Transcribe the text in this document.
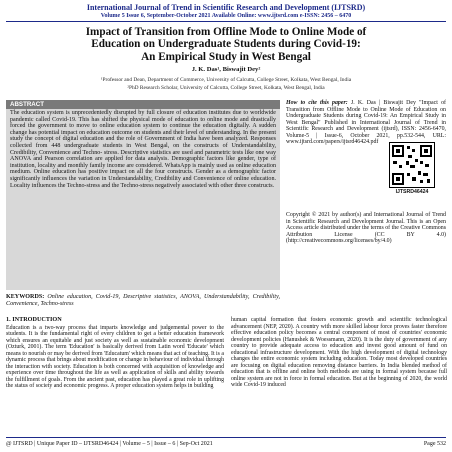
International Journal of Trend in Scientific Research and Development (IJTSRD)
Volume 5 Issue 6, September-October 2021 Available Online: www.ijtsrd.com e-ISSN: 2456 – 6470
Impact of Transition from Offline Mode to Online Mode of
Education on Undergraduate Students during Covid-19:
An Empirical Study in West Bengal
J. K. Das¹, Biswajit Dey²
¹Professor and Dean, Department of Commerce, University of Calcutta, College Street, Kolkata, West Bengal, India
²PhD Research Scholar, University of Calcutta, College Street, Kolkata, West Bengal, India
ABSTRACT
The education system is unprecedentedly disrupted by full closure of education institutes due to worldwide pandemic called Covid-19. This has shifted the physical mode of education to online mode and drastically forced the government to move to online education system to continue the education digitally. A sudden change has potential impact on education outcome on students and their level of understanding. In the present study the concept of digital education and the role of Government of India have been analyzed. Responses collected from 448 undergraduate students in West Bengal, on the constructs of Understandability, Credibility, Convenience and Techno- stress. Descriptive statistics are used and parametric tests like one way ANOVA and Pearson correlation are applied for data analysis. Demographic factors like gender, type of institution, locality and monthly family income are considered. WhatsApp is mainly used as online education medium. Online education has positive impact on all the four constructs. Gender as a demographic factor significantly influences the variation in Understandability, Credibility and Convenience of online education. Locality influences the Techno-stress and the Techno-stress negatively associated with other three constructs.
KEYWORDS: Online education, Covid-19, Descriptive statistics, ANOVA, Understandability, Credibility, Convenience, Techno-stress
How to cite this paper: J. K. Das | Biswajit Dey "Impact of Transition from Offline Mode to Online Mode of Education on Undergraduate Students during Covid-19: An Empirical Study in West Bengal" Published in International Journal of Trend in Scientific Research and Development (ijtsrd), ISSN: 2456-6470, Volume-5 | Issue-6, October 2021, pp.532-544, URL: www.ijtsrd.com/papers/ijtsrd46424.pdf
IJTSRD46424
Copyright © 2021 by author(s) and International Journal of Trend in Scientific Research and Development Journal. This is an Open Access article distributed under the terms of the Creative Commons Attribution License (CC BY 4.0) (http://creativecommons.org/licenses/by/4.0)
1. INTRODUCTION
Education is a two-way process that imparts knowledge and judgemental power to the students. It is the fundamental right of every children to get a better education framework which ensures an equitable and just society as well as sustainable economic development (Ozturk, 2001). The term 'Education' is basically derived from Latin word 'Educate' which means to nourish or may be derived from 'Educatum' which means that act of teaching. It is a dynamic process that brings about modification or change in behaviour of individual through the interaction with society. Education is both concerned with acquisition of knowledge and experience over time throughout the life as well as application of skills and ability towards the fulfillment of goals. From the ancient past, education has played a great role in uplifting the status of society and economic progress. A proper education system helps in building
human capital formation that fosters economic growth and scientific technological advancement (NEP, 2020). A country with more skilled labour force proves faster therefore effective education policy becomes a central component of most of countries' economic development policies (Hanushek & Woessmann, 2020). It is the duty of government of any country to provide adequate access to education and invest good amount of fund on educational infrastructure development. With the high development of digital technology changes the entire economic system including education. Today most developed countries are focusing on digital education removing distance barriers. In India blended method of education that is offline and online both methods are using in formal system because full online system are not in force in formal education. But at the beginning of 2020, the world wide Covid-19 induced
@ IJTSRD | Unique Paper ID – IJTSRD46424 | Volume – 5 | Issue – 6 | Sep-Oct 2021	Page 532
